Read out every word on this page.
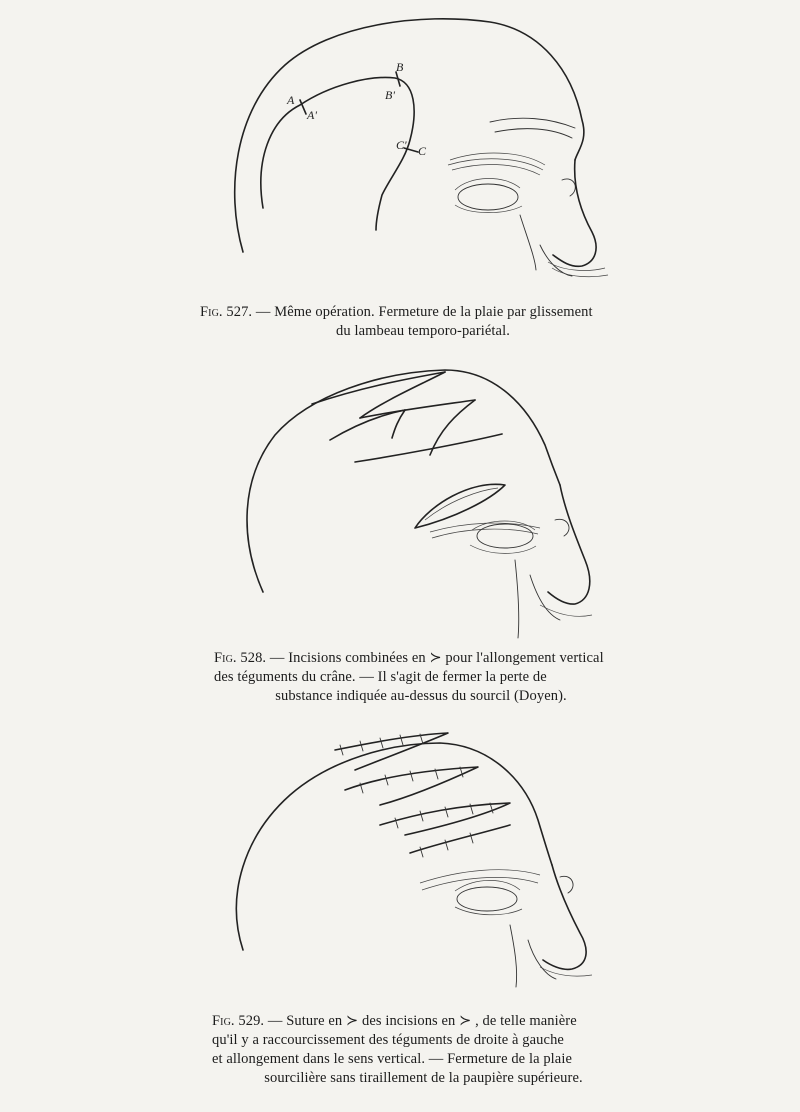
A
A'
B
B'
C' C
Fig. 527. — Même opération. Fermeture de la plaie par glissement
du lambeau temporo-pariétal.
Fig. 528. — Incisions combinées en ≻ pour l'allongement vertical
des téguments du crâne. — Il s'agit de fermer la perte de
substance indiquée au-dessus du sourcil (Doyen).
Fig. 529. — Suture en ≻ des incisions en ≻ , de telle manière
qu'il y a raccourcissement des téguments de droite à gauche
et allongement dans le sens vertical. — Fermeture de la plaie
sourcilière sans tiraillement de la paupière supérieure.
